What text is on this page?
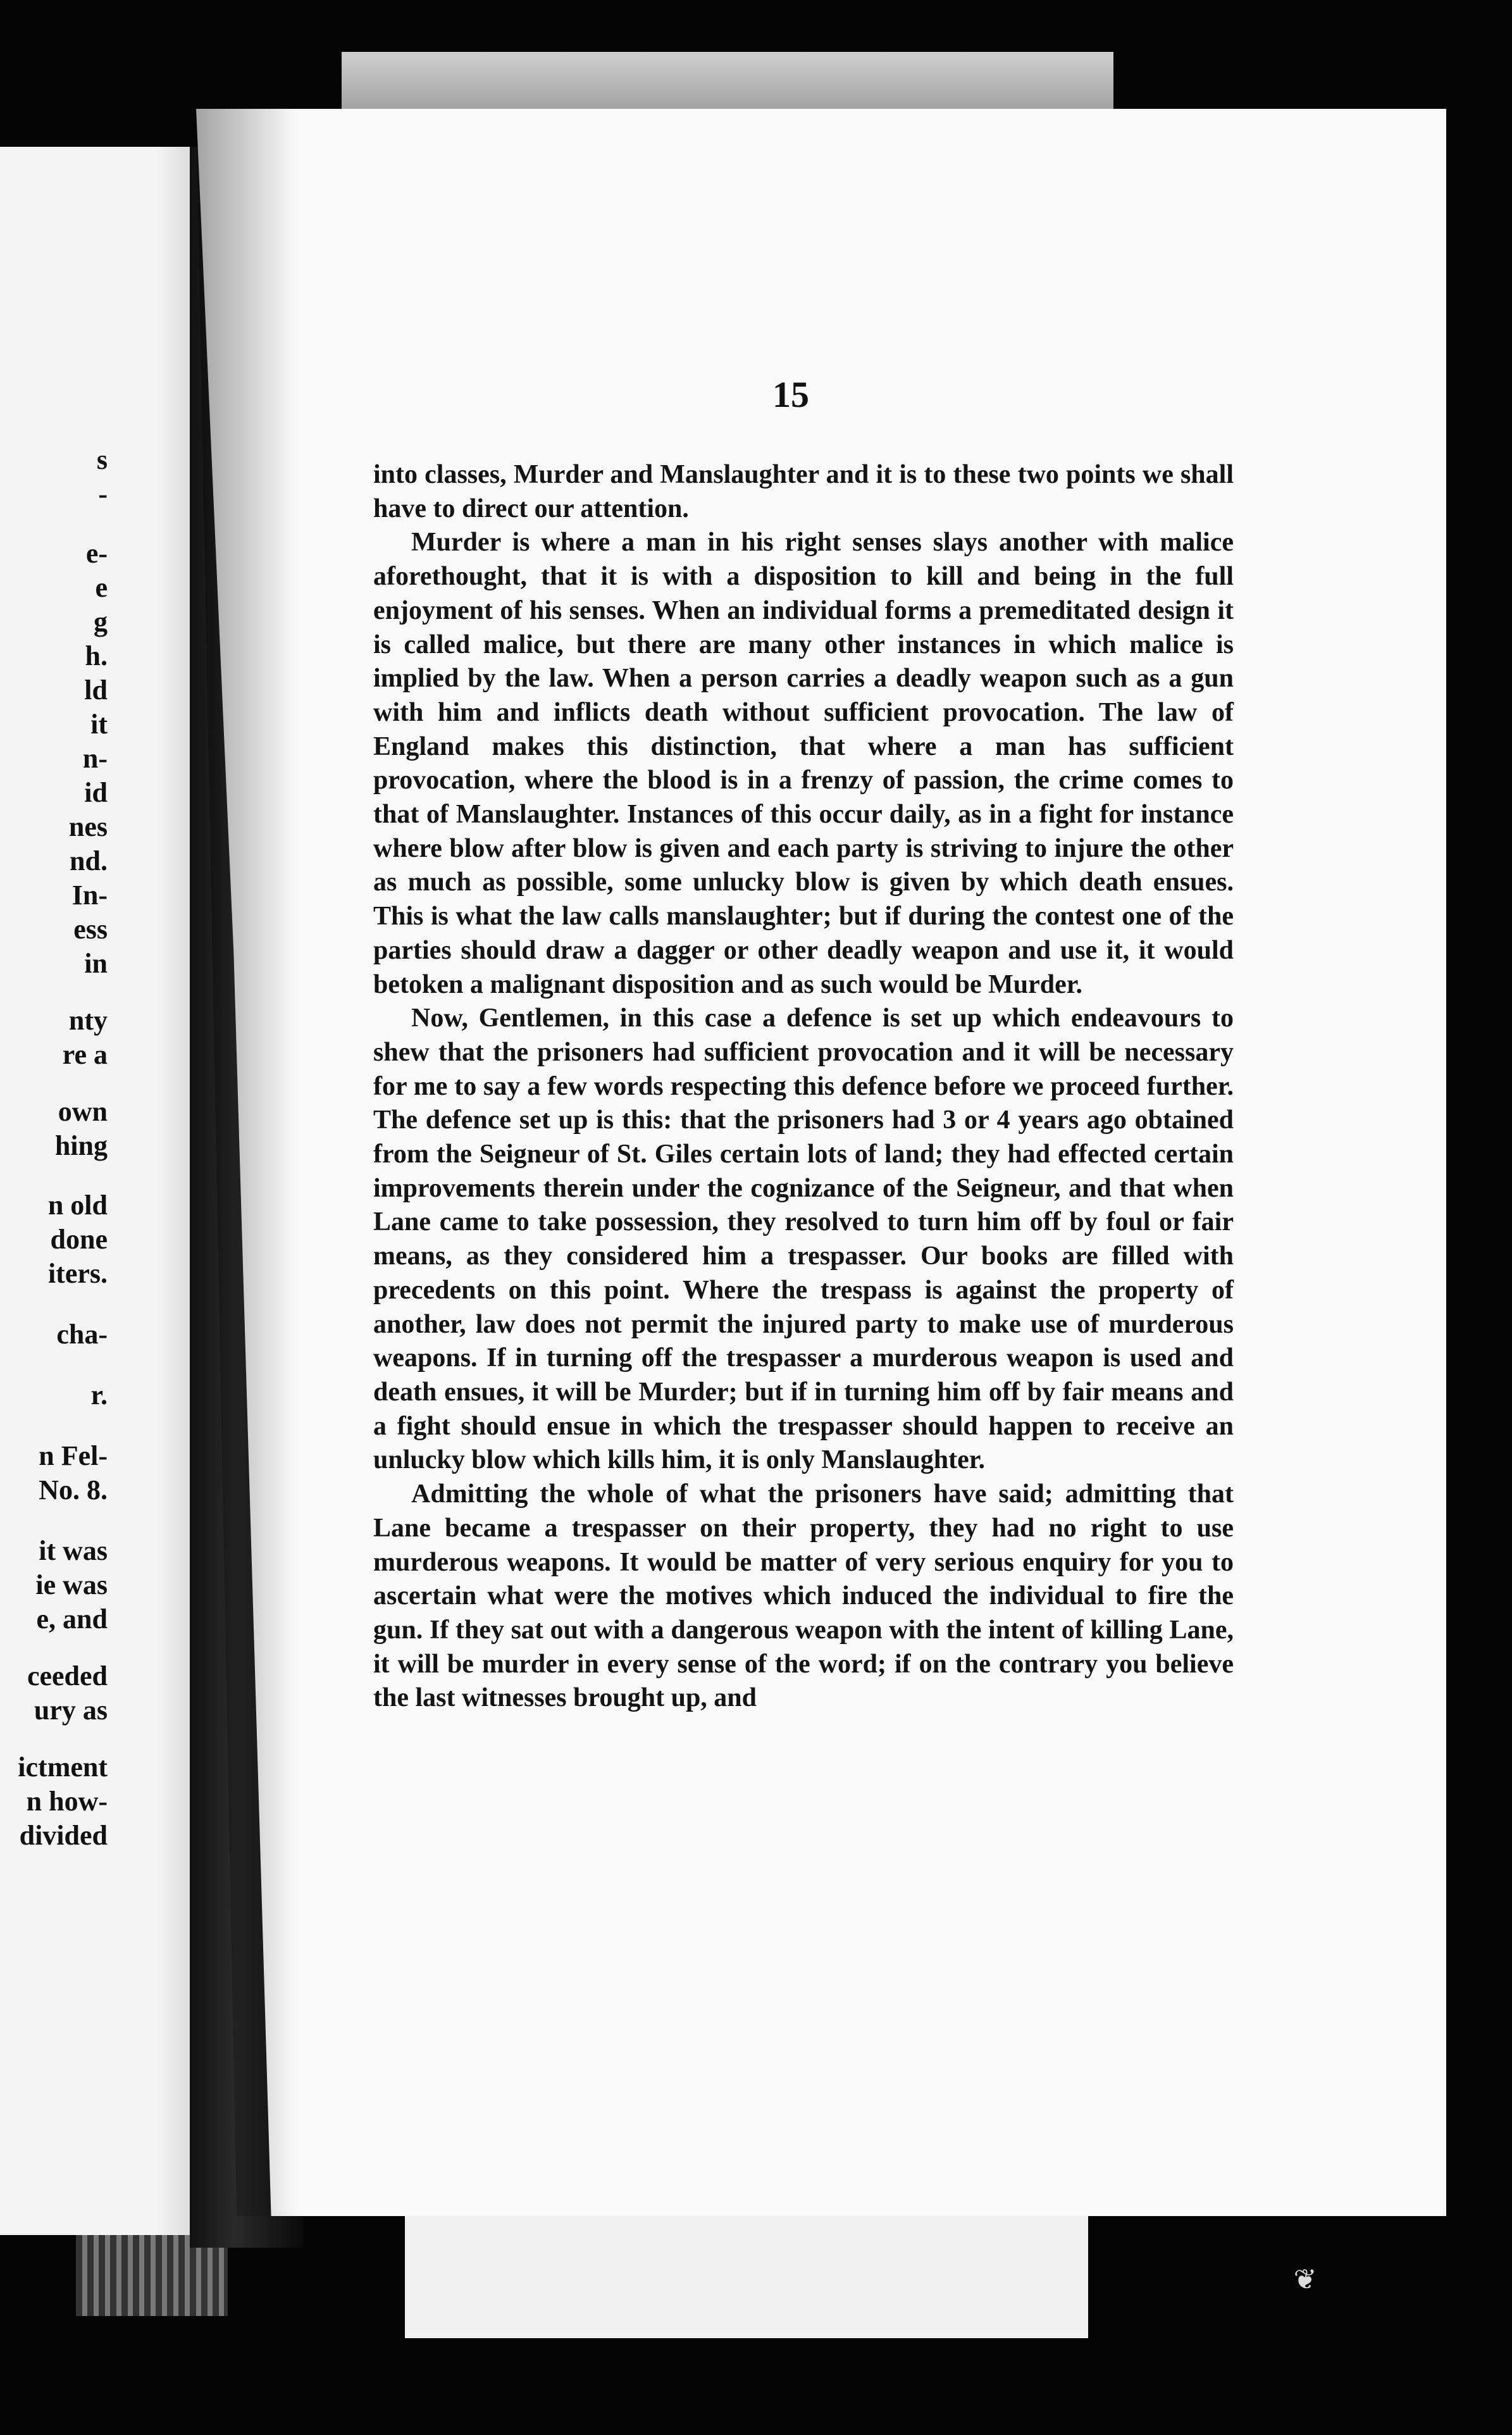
s
-
e-
e
g
h.
ld
it
n-
id
nes
nd.
In-
ess
in
nty
re a
own
hing
n old
done
iters.
cha-
r.
n Fel-
No. 8.
it was
ie was
e, and
ceeded
ury as
ictment
n how-
divided
15

into classes, Murder and Manslaughter and it is to these two points we shall have to direct our attention.

Murder is where a man in his right senses slays another with malice aforethought, that it is with a disposition to kill and being in the full enjoyment of his senses. When an individual forms a premeditated design it is called malice, but there are many other instances in which malice is implied by the law. When a person carries a deadly weapon such as a gun with him and inflicts death without sufficient provocation. The law of England makes this distinction, that where a man has sufficient provocation, where the blood is in a frenzy of passion, the crime comes to that of Manslaughter. Instances of this occur daily, as in a fight for instance where blow after blow is given and each party is striving to injure the other as much as possible, some unlucky blow is given by which death ensues. This is what the law calls manslaughter; but if during the contest one of the parties should draw a dagger or other deadly weapon and use it, it would betoken a malignant disposition and as such would be Murder.

Now, Gentlemen, in this case a defence is set up which endeavours to shew that the prisoners had sufficient provocation and it will be necessary for me to say a few words respecting this defence before we proceed further. The defence set up is this: that the prisoners had 3 or 4 years ago obtained from the Seigneur of St. Giles certain lots of land; they had effected certain improvements therein under the cognizance of the Seigneur, and that when Lane came to take possession, they resolved to turn him off by foul or fair means, as they considered him a trespasser. Our books are filled with precedents on this point. Where the trespass is against the property of another, law does not permit the injured party to make use of murderous weapons. If in turning off the trespasser a murderous weapon is used and death ensues, it will be Murder; but if in turning him off by fair means and a fight should ensue in which the trespasser should happen to receive an unlucky blow which kills him, it is only Manslaughter.

Admitting the whole of what the prisoners have said; admitting that Lane became a trespasser on their property, they had no right to use murderous weapons. It would be matter of very serious enquiry for you to ascertain what were the motives which induced the individual to fire the gun. If they sat out with a dangerous weapon with the intent of killing Lane, it will be murder in every sense of the word; if on the contrary you believe the last witnesses brought up, and

❦
